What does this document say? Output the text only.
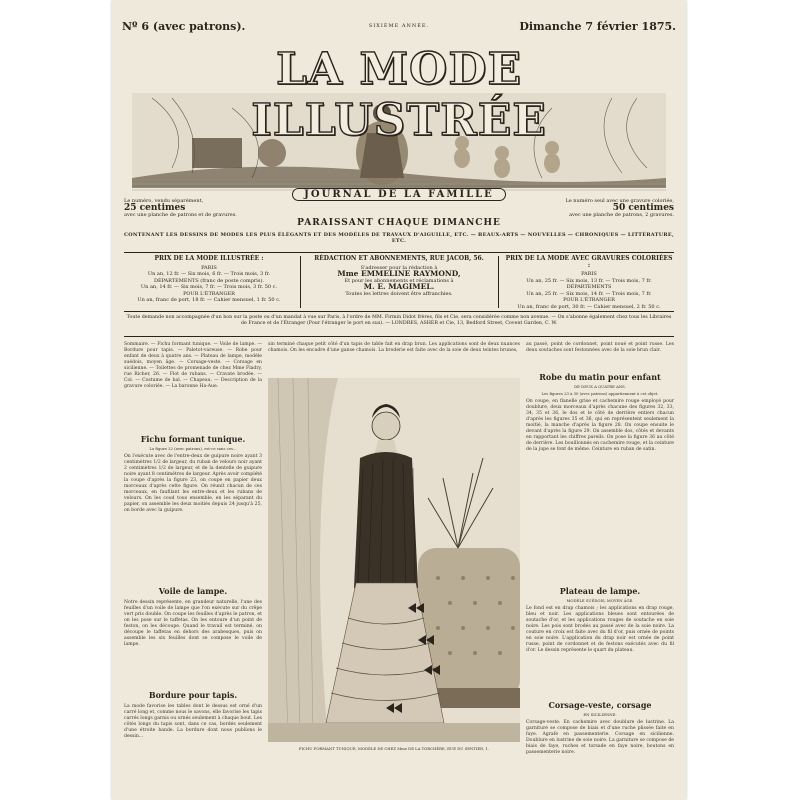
Nº 6 (avec patrons).	SIXIÈME ANNÉE.	Dimanche 7 février 1875.
LA MODE ILLUSTRÉE
JOURNAL DE LA FAMILLE
Le numéro, vendu séparément,
25 centimes
avec une planche de patrons et de gravures.
Le numéro seul avec une gravure coloriée,
50 centimes
avec une planche de patrons, 2 gravures.
PARAISSANT CHAQUE DIMANCHE
CONTENANT LES DESSINS DE MODES LES PLUS ÉLÉGANTS ET DES MODÈLES DE TRAVAUX D'AIGUILLE, ETC. — BEAUX-ARTS — NOUVELLES — CHRONIQUES — LITTÉRATURE, ETC.
PRIX DE LA MODE ILLUSTRÉE :
PARIS
Un an, 12 fr. — Six mois, 6 fr. — Trois mois, 3 fr.
DÉPARTEMENTS (franc de poste compris).
Un an, 14 fr. — Six mois, 7 fr. — Trois mois, 3 fr. 50 c.
POUR L'ÉTRANGER
Un an, franc de port, 18 fr. — Cahier mensuel, 1 fr. 50 c.
RÉDACTION ET ABONNEMENTS, RUE JACOB, 56.
S'adresser pour la rédaction à
Mme EMMELINE RAYMOND,
Et pour les abonnements et réclamations à
M. E. MAGIMEL.
Toutes les lettres doivent être affranchies.
PRIX DE LA MODE AVEC GRAVURES COLORIÉES :
PARIS
Un an, 25 fr. — Six mois, 13 fr. — Trois mois, 7 fr.
DÉPARTEMENTS
Un an, 25 fr. — Six mois, 14 fr. — Trois mois, 7 fr.
POUR L'ÉTRANGER
Un an, franc de port, 30 fr. — Cahier mensuel, 2 fr. 50 c.
Toute demande non accompagnée d'un bon sur la poste ou d'un mandat à vue sur Paris, à l'ordre de MM. Firmin Didot frères, fils et Cie, sera considérée comme non avenue. — On s'abonne également chez tous les Libraires de France et de l'Étranger (Pour l'étranger le port en sus). — LONDRES, ASHER et Cie, 13, Bedford Street, Covent Garden, C. W.
Sommaire. — Fichu formant tunique. — Voile de lampe. — Bordure pour tapis. — Paletot-vareuse. — Robe pour enfant de deux à quatre ans. — Plateau de lampe, modèle suédois, moyen âge. — Corsage-veste. — Corsage en sicilienne. — Toilettes de promenade de chez Mme Fladry, rue Richer, 26. — Flot de rubans. — Cravate brodée. — Col. — Costume de bal. — Chapeau. — Description de la gravure coloriée. — La baronne Ha-Aue.
Fichu formant tunique.
La figure 22 (avec patrons), est-ce sans ces...
On l'exécute avec de l'entre-deux de guipure noire ayant 3 centimètres 1/2 de largeur, du ruban de velours noir ayant 2 centimètres 1/2 de largeur, et de la dentelle de guipure noire ayant 8 centimètres de largeur. Après avoir complété la coupe d'après la figure 23, on coupe en papier deux morceaux d'après cette figure. On réunit chacun de ces morceaux, en faufilant les entre-deux et les rubans de velours. On les coud tous ensemble, en les séparant du papier, on assemble les deux moitiés depuis 24 jusqu'à 25, on borde avec la guipure.
Voile de lampe.
Notre dessin représente, en grandeur naturelle, l'une des feuilles d'un voile de lampe que l'on exécute sur du crêpe vert pris double. On coupe les feuilles d'après le patron, et on les pose sur le taffetas. On les entoure d'un point de feston, on les découpe. Quand le travail est terminé, on découpe le taffetas en dehors des arabesques, puis on assemble les six feuilles dont se compose le voile de lampe.
Bordure pour tapis.
La mode favorise les tables dont le dessus est orné d'un carré long et, comme nous le savons, elle favorise les tapis carrés longs garnis ou ornés seulement à chaque bout. Les côtés longs du tapis sont, dans ce cas, bordés seulement d'une étroite bande. La bordure dont nous publions le dessin...
sin terminé chaque petit côté d'un tapis de table fait en drap brun. Les applications sont de deux nuances chamois. On les encadre d'une ganse chamois. La broderie est faite avec de la soie de deux teintes brunes,
FICHU FORMANT TUNIQUE, MODÈLE DE CHEZ Mme DE LA TORCHÈRE, RUE DU SENTIER, 1.
au passé, point de cordonnet, point noué et point russe. Les deux soutaches sont festonnées avec de la soie brun clair.
Robe du matin pour enfant
DE DEUX A QUATRE ANS.
Les figures 23 à 30 (avec patrons) appartiennent à cet objet.
On coupe, en flanelle grise et cachemire rouge employé pour doublure, deux morceaux d'après chacune des figures 32, 33, 34, 35 et 36, le dos et le côté de derrière entiers chacun d'après les figures 35 et 36, qui en représentent seulement la moitié, la manche d'après la figure 28. On coupe ensuite le devant d'après la figure 29. On assemble dos, côtés et devants en rapportant les chiffres pareils. On pose la figure 36 au côté de derrière. Les bouillonnés en cachemire rouge, et la ceinture de la jupe se font de même. Ceinture en ruban de satin.
Plateau de lampe.
MODÈLE SUÉDOIS, MOYEN ÂGE.
Le fond est en drap chamois ; les applications en drap rouge, bleu et noir. Les applications bleues sont entourées de soutache d'or, et les applications rouges de soutache en soie noire. Les pois sont brodés au passé avec de la soie noire. La couture en croix est faite avec du fil d'or, puis ornée de points en soie noire. L'application du drap noir est ornée de point russe, point de cordonnet et de festons exécutés avec du fil d'or. Le dessin représente le quart du plateau.
Corsage-veste, corsage
EN SICILIENNE.
Corsage-veste. En cachemire avec doublure de lustrine. La garniture se compose de biais et d'une ruche plissée faite en faye. Agrafe en passementerie. Corsage en sicilienne. Doublure en lustrine de soie noire. La garniture se compose de biais de faye, ruches et torsade en faye noire, boutons en passementerie noire.
